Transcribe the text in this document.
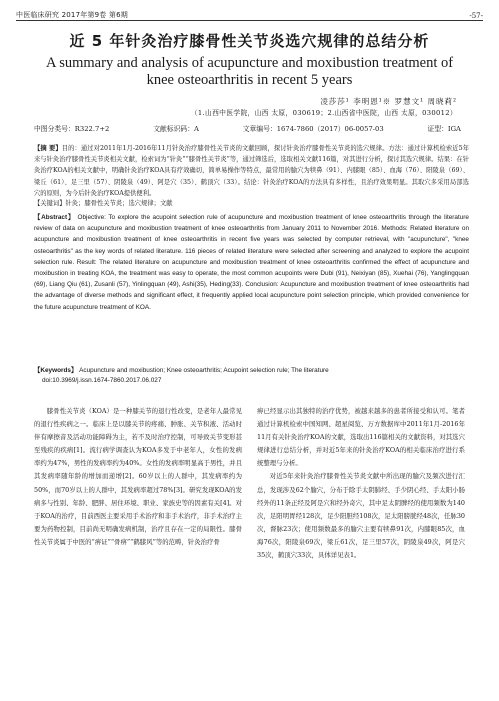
中医临床研究 2017年第9卷 第6期	-57-
近 5 年针灸治疗膝骨性关节炎选穴规律的总结分析
A summary and analysis of acupuncture and moxibustion treatment of
knee osteoarthritis in recent 5 years
凌莎莎¹ 李明恩¹※ 罗慧文¹ 周晓莉²
（1.山西中医学院，山西 太原，030619；2.山西省中医院，山西 太原，030012）
中图分类号：R322.7+2	文献标识码：A	文章编号：1674-7860（2017）06-0057-03	证型：IGA
【摘 要】目的：通过对2011年1月-2016年11月针灸治疗膝骨性关节炎的文献回顾，探讨针灸治疗膝骨性关节炎的选穴规律。方法：通过计算机检索近5年来与针灸治疗膝骨性关节炎相关文献，检索词为“针灸”“膝骨性关节炎”等，通过筛选后，选取相关文献116篇，对其进行分析，探讨其选穴规律。结果：在针灸治疗KOA的相关文献中，明确针灸治疗KOA具有疗效确切，简单易操作等特点，最常用的腧穴为犊鼻（91）、内膝眼（85）、血海（76）、阳陵泉（69）、梁丘（61）、足三里（57）、阴陵泉（49）、阿是穴（35）、鹤顶穴（33）。结论：针灸治疗KOA的方法具有多样性，且治疗效果明显。其取穴多采用局部选穴的原则，为今后针灸治疗KOA提供便利。
【关键词】针灸；膝骨性关节炎；选穴规律；文献
【Abstract】 Objective: To explore the acupoint selection rule of acupuncture and moxibustion treatment of knee osteoarthritis through the literature review of data on acupuncture and moxibustion treatment of knee osteoarthritis from January 2011 to November 2016. Methods: Related literature on acupuncture and moxibustion treatment of knee osteoarthritis in recent five years was selected by computer retrieval, with "acupuncture", "knee osteoarthritis" as the key words of related literature. 116 pieces of related literature were selected after screening and analyzed to explore the acupoint selection rule. Result: The related literature on acupuncture and moxibustion treatment of knee osteoarthritis confirmed the effect of acupuncture and moxibustion in treating KOA, the treatment was easy to operate, the most common acupoints were Dubi (91), Neixiyan (85), Xuehai (76), Yanglingquan (69), Liang Qiu (61), Zusanli (57), Yinlingquan (49), Ashi(35), Heding(33). Conclusion: Acupuncture and moxibustion treatment of knee osteoarthritis had the advantage of diverse methods and significant effect, it frequently applied local acupuncture point selection principle, which provided convenience for the future acupuncture treatment of KOA.
【Keywords】 Acupuncture and moxibustion; Knee osteoarthritis; Acupoint selection rule; The literature
doi:10.3969/j.issn.1674-7860.2017.06.027

膝骨性关节炎（KOA）是一种膝关节的退行性改变，是老年人最常见的退行性疾病之一。临床上是以膝关节的疼痛、肿胀、关节积液、活动时伴有摩擦音及活动功能障碍为主，若不及时治疗控制，可导致关节变形甚至残疾的疾病[1]。流行病学调查认为KOA多发于中老年人，女性的发病率约为47%，男性的发病率约为40%。女性的发病率明显高于男性，并且其发病率随年龄的增加而递增[2]。60岁以上的人群中，其发病率约为50%，而70岁以上的人群中，其发病率超过78%[3]。研究发现KOA的发病多与性别、年龄、肥胖、居住环境、职业、家族史等的因素有关[4]。对于KOA的治疗，目前西医主要采用手术治疗和非手术治疗，非手术治疗主要为药物控制，目前尚无明确发病机制，治疗且存在一定的局限性。膝骨性关节炎属于中医的“痹证”“骨痹”“鹤膝风”等的范畴，针灸治疗骨

痹已经显示出其独特的治疗优势，被越来越多的患者所接受和认可。笔者通过计算机检索中国知网、超星阅览、万方数据库中2011年1月-2016年11月有关针灸治疗KOA的文献，选取出116篇相关的文献资料，对其选穴规律进行总结分析，并对近5年来的针灸治疗KOA的相关临床治疗进行系统整理与分析。

对近5年来针灸治疗膝骨性关节炎文献中所出现的腧穴及频次进行汇总，发现涉及62个腧穴，分布于除手太阴肺经、手少阴心经、手太阳小肠经外的11条正经及阿是穴和经外奇穴，其中足太阴脾经的使用频数为140次，足阳明胃经128次，足少阳胆经108次，足太阳膀胱经48次，任脉30次，督脉23次；使用频数最多的腧穴主要有犊鼻91次，内膝眼85次，血海76次，阳陵泉69次，梁丘61次，足三里57次，阴陵泉49次，阿是穴35次，鹤顶穴33次，具体详见表1。
